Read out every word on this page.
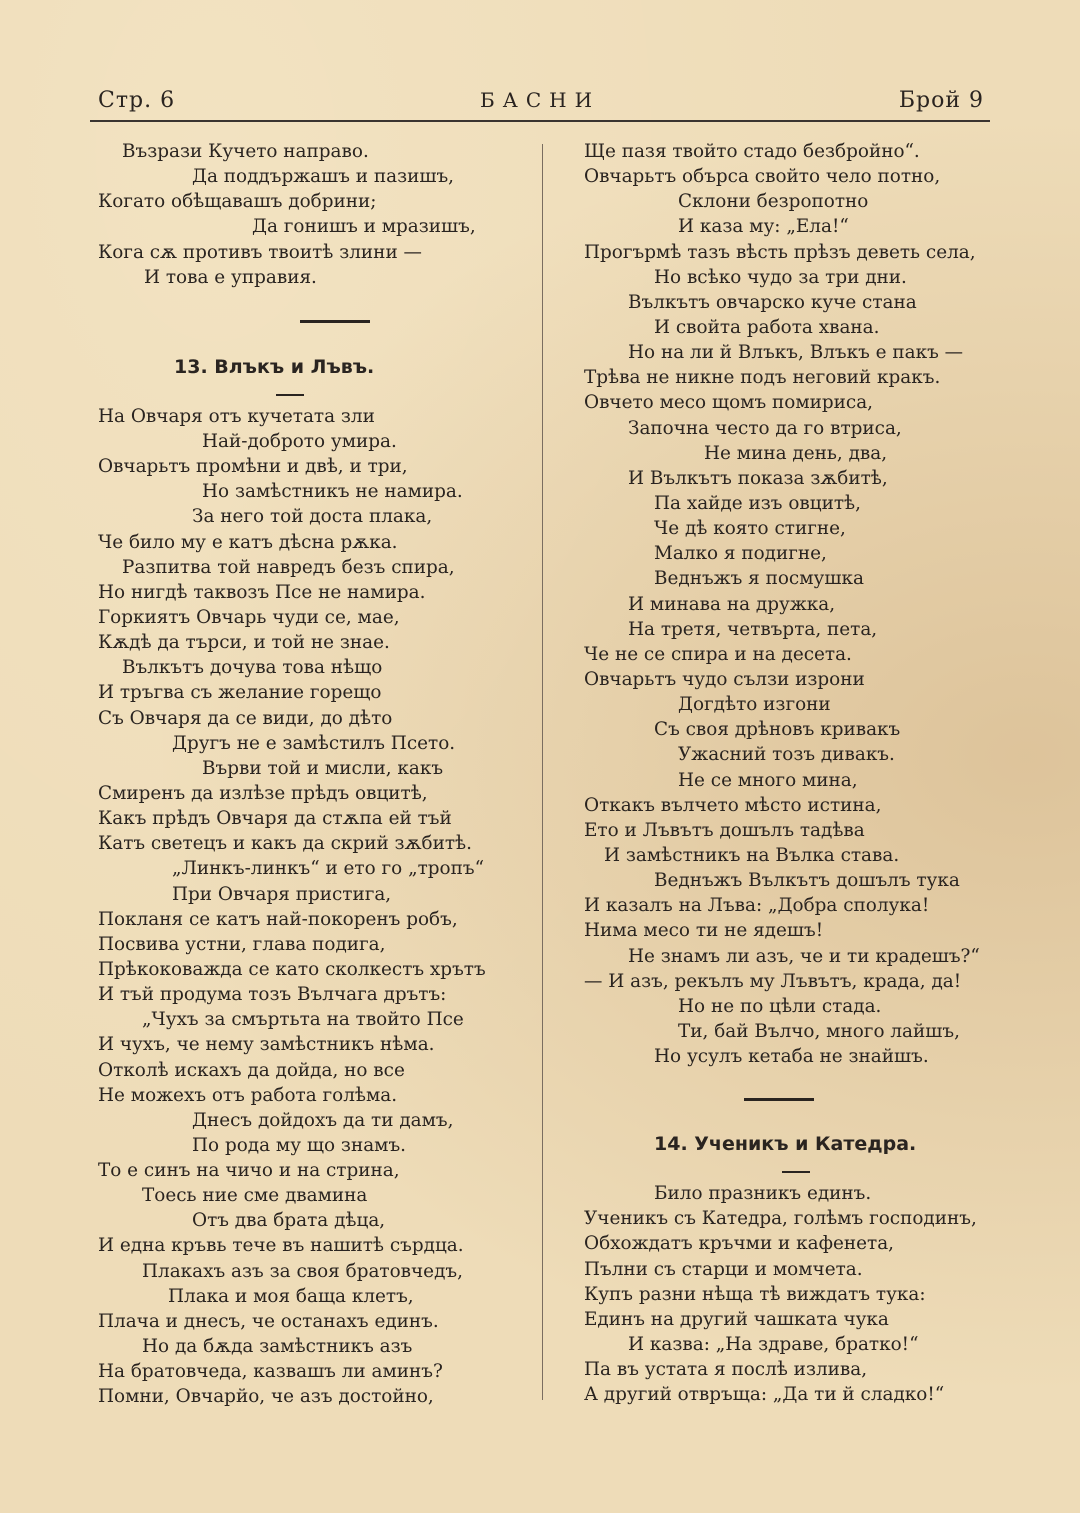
Стр. 6	БАСНИ	Брой 9
Възрази Кучето направо.
Да поддържашъ и пазишъ,
Когато обѣщавашъ добрини;
Да гонишъ и мразишъ,
Кога сѫ противъ твоитѣ злини —
И това е управия.
13. Влъкъ и Лъвъ.
На Овчаря отъ кучетата зли
Най-доброто умира.
Овчарьтъ промѣни и двѣ, и три,
Но замѣстникъ не намира.
За него той доста плака,
Че било му е катъ дѣсна рѫка.
Разпитва той навредъ безъ спира,
Но нигдѣ таквозъ Псе не намира.
Горкиятъ Овчарь чуди се, мае,
Кѫдѣ да търси, и той не знае.
Вълкътъ дочува това нѣщо
И тръгва съ желание горещо
Съ Овчаря да се види, до дѣто
Другъ не е замѣстилъ Псето.
Върви той и мисли, какъ
Смиренъ да излѣзе прѣдъ овцитѣ,
Какъ прѣдъ Овчаря да стѫпа ей тъй
Катъ светецъ и какъ да скрий зѫбитѣ.
„Линкъ-линкъ“ и ето го „тропъ“
При Овчаря пристига,
Покланя се катъ най-покоренъ робъ,
Посвива устни, глава подига,
Прѣкоковажда се като сколкестъ хрътъ
И тъй продума тозъ Вълчага дрътъ:
„Чухъ за смъртьта на твойто Псе
И чухъ, че нему замѣстникъ нѣма.
Отколѣ искахъ да дойда, но все
Не можехъ отъ работа голѣма.
Днесъ дойдохъ да ти дамъ,
По рода му що знамъ.
То е синъ на чичо и на стрина,
Тоесь ние сме двамина
Отъ два брата дѣца,
И една кръвь тече въ нашитѣ сърдца.
Плакахъ азъ за своя братовчедъ,
Плака и моя баща клетъ,
Плача и днесъ, че останахъ единъ.
Но да бѫда замѣстникъ азъ
На братовчеда, казвашъ ли аминъ?
Помни, Овчарйо, че азъ достойно,
Ще пазя твойто стадо безбройно“.
Овчарьтъ обърса свойто чело потно,
Склони безропотно
И каза му: „Ела!“
Прогърмѣ тазъ вѣсть прѣзъ деветь села,
Но всѣко чудо за три дни.
Вълкътъ овчарско куче стана
И свойта работа хвана.
Но на ли й Влъкъ, Влъкъ е пакъ —
Трѣва не никне подъ неговий кракъ.
Овчето месо щомъ помириса,
Започна често да го втриса,
Не мина день, два,
И Вълкътъ показа зѫбитѣ,
Па хайде изъ овцитѣ,
Че дѣ която стигне,
Малко я подигне,
Веднъжъ я посмушка
И минава на дружка,
На третя, четвърта, пета,
Че не се спира и на десета.
Овчарьтъ чудо сълзи изрони
Догдѣто изгони
Съ своя дрѣновъ кривакъ
Ужасний тозъ дивакъ.
Не се много мина,
Откакъ вълчето мѣсто истина,
Ето и Лъвътъ дошълъ тадѣва
И замѣстникъ на Вълка става.
Веднъжъ Вълкътъ дошълъ тука
И казалъ на Лъва: „Добра сполука!
Нима месо ти не ядешъ!
Не знамъ ли азъ, че и ти крадешъ?“
— И азъ, рекълъ му Лъвътъ, крада, да!
Но не по цѣли стада.
Ти, бай Вълчо, много лайшъ,
Но усулъ кетаба не знайшъ.
14. Ученикъ и Катедра.
Било празникъ единъ.
Ученикъ съ Катедра, голѣмъ господинъ,
Обхождатъ кръчми и кафенета,
Пълни съ старци и момчета.
Купъ разни нѣща тѣ виждатъ тука:
Единъ на другий чашката чука
И казва: „На здраве, братко!“
Па въ устата я послѣ излива,
А другий отвръща: „Да ти й сладко!“
